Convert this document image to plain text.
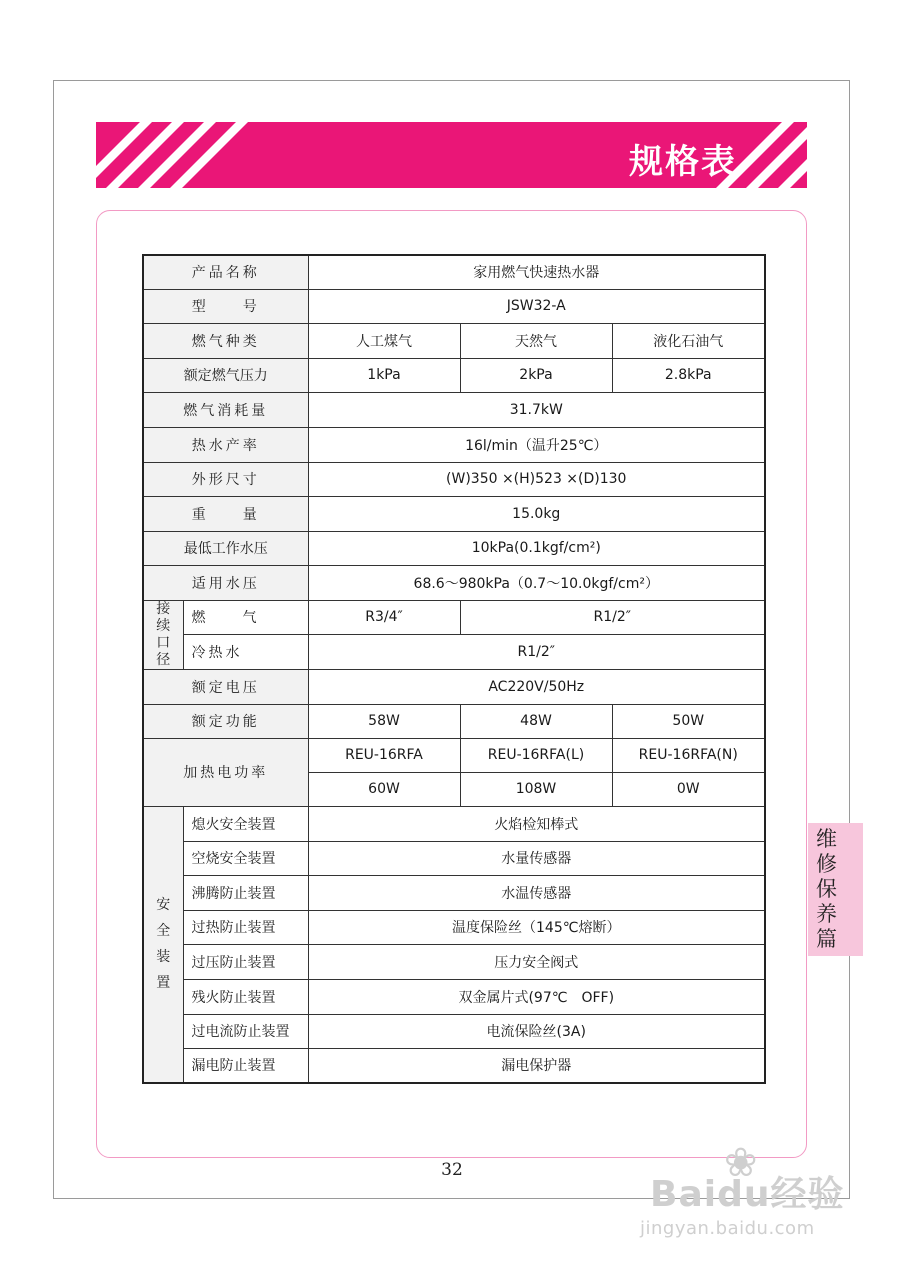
规格表
产品名称		家用燃气快速热水器		
型　　号		JSW32-A		
燃气种类		人工煤气	天然气	液化石油气
额定燃气压力		1kPa	2kPa	2.8kPa
燃气消耗量		31.7kW		
热水产率		16l/min（温升25℃）		
外形尺寸		(W)350 ×(H)523 ×(D)130		
重　　量		15.0kg		
最低工作水压		10kPa(0.1kgf/cm²)		
适用水压		68.6～980kPa（0.7～10.0kgf/cm²）		
接续口径	燃　　气	R3/4″	R1/2″	
	冷热水	R1/2″		
额定电压		AC220V/50Hz		
额定功能		58W	48W	50W
加热电功率		REU-16RFA	REU-16RFA(L)	REU-16RFA(N)
		60W	108W	0W
安全装置	熄火安全装置	火焰检知棒式		
	空烧安全装置	水量传感器		
	沸腾防止装置	水温传感器		
	过热防止装置	温度保险丝（145℃熔断）		
	过压防止装置	压力安全阀式		
	残火防止装置	双金属片式(97℃　OFF)		
	过电流防止装置	电流保险丝(3A)		
	漏电防止装置	漏电保护器		
维修保养篇
32	❀
Baidu经验
jingyan.baidu.com
